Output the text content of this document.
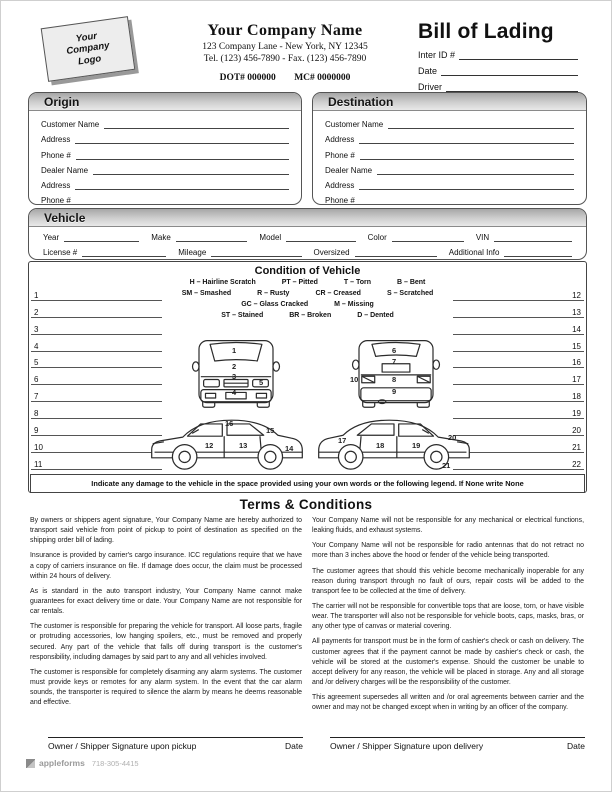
Your Company Logo
Your Company Name
123 Company Lane - New York, NY 12345
Tel. (123) 456-7890 - Fax. (123) 456-7890
DOT# 000000 MC# 0000000
Bill of Lading
Inter ID #
Date
Driver
Origin
Customer Name
Address
Phone #
Dealer Name
Address
Phone #
Destination
Customer Name
Address
Phone #
Dealer Name
Address
Phone #
Vehicle
Year	Make	Model	Color	VIN
License #	Mileage	Oversized	Additional Info
Condition of Vehicle
H – Hairline Scratch	PT – Pitted	T – Torn	B – Bent
SM – Smashed	R – Rusty	CR – Creased	S – Scratched
GC – Glass Cracked	M – Missing
ST – Stained	BR – Broken	D – Dented
1
2
3
4
5
6
7
8
9
10
11
12
13
14
15
16
17
18
19
20
21
22
1
2
3
4
5
6
7
8
9
10
12	13	14
15
16
17
18	19
20
21
Indicate any damage to the vehicle in the space provided using your own words or the following legend. If None write None
Terms & Conditions

By owners or shippers agent signature, Your Company Name are hereby authorized to transport said vehicle from point of pickup to point of destination as specified on the shipping order bill of lading.

Insurance is provided by carrier's cargo insurance. ICC regulations require that we have a copy of carriers insurance on file. If damage does occur, the claim must be processed within 24 hours of delivery.

As is standard in the auto transport industry, Your Company Name cannot make guarantees for exact delivery time or date. Your Company Name are not responsible for car rentals.

The customer is responsible for preparing the vehicle for transport. All loose parts, fragile or protruding accessories, low hanging spoilers, etc., must be removed and properly secured. Any part of the vehicle that falls off during transport is the customer's responsibility, including damages by said part to any and all vehicles involved.

The customer is responsible for completely disarming any alarm systems. The customer must provide keys or remotes for any alarm system. In the event that the car alarm sounds, the transporter is required to silence the alarm by means he deems reasonable and effective.

Your Company Name will not be responsible for any mechanical or electrical functions, leaking fluids, and exhaust systems.

Your Company Name will not be responsible for radio antennas that do not retract no more than 3 inches above the hood or fender of the vehicle being transported.

The customer agrees that should this vehicle become mechanically inoperable for any reason during transport through no fault of ours, repair costs will be added to the transport fee to be collected at the time of delivery.

The carrier will not be responsible for convertible tops that are loose, torn, or have visible wear. The transporter will also not be responsible for vehicle boots, caps, masks, bras, or any other type of canvas or material covering.

All payments for transport must be in the form of cashier's check or cash on delivery. The customer agrees that if the payment cannot be made by cashier's check or cash, the vehicle will be stored at the customer's expense. Should the customer be unable to accept delivery for any reason, the vehicle will be placed in storage. Any and all storage and /or delivery charges will be the responsibility of the customer.

This agreement supersedes all written and /or oral agreements between carrier and the owner and may not be changed except when in writing by an officer of the company.

Owner / Shipper Signature upon pickup	Date	Owner / Shipper Signature upon delivery	Date
appleforms 718-305-4415
